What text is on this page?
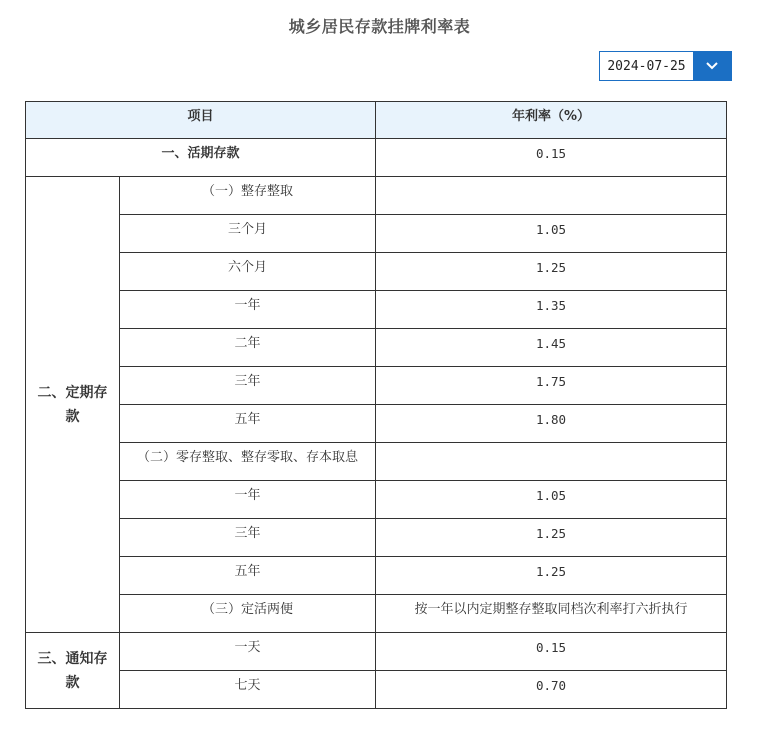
城乡居民存款挂牌利率表
2024-07-25
项目		年利率（%）
一、活期存款		0.15
二、定期存款	（一）整存整取	
	三个月	1.05
	六个月	1.25
	一年	1.35
	二年	1.45
	三年	1.75
	五年	1.80
	（二）零存整取、整存零取、存本取息	
	一年	1.05
	三年	1.25
	五年	1.25
	（三）定活两便	按一年以内定期整存整取同档次利率打六折执行
三、通知存款	一天	0.15
	七天	0.70
